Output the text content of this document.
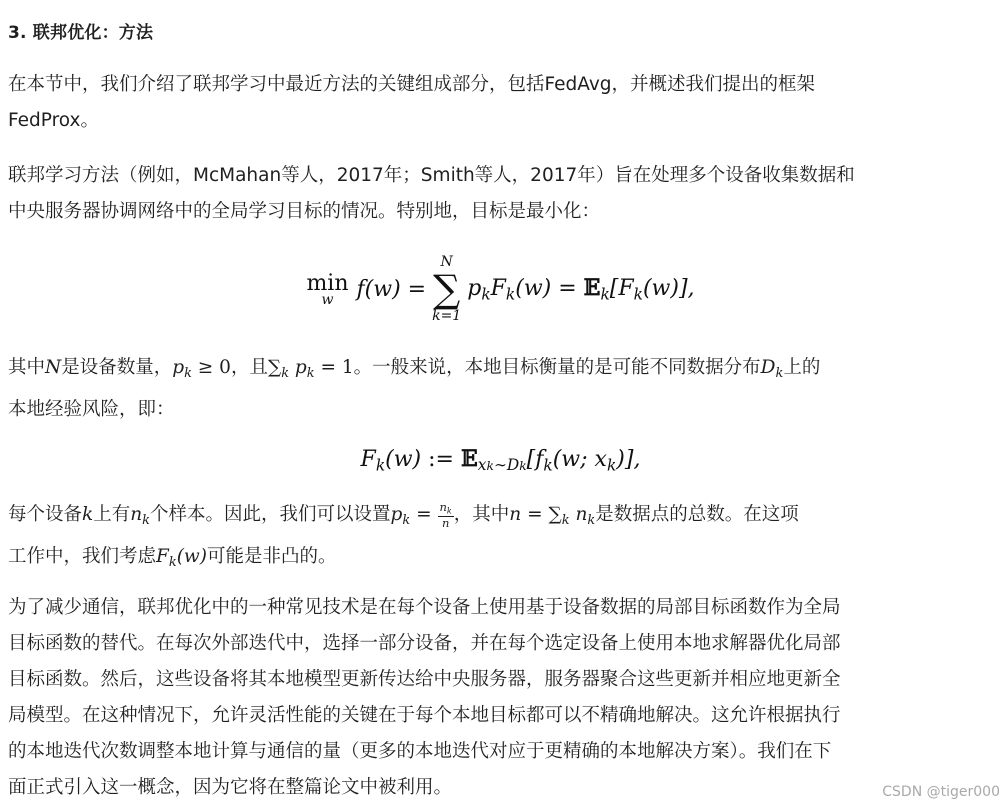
3. 联邦优化：方法
在本节中，我们介绍了联邦学习中最近方法的关键组成部分，包括FedAvg，并概述我们提出的框架
FedProx。
联邦学习方法（例如，McMahan等人，2017年；Smith等人，2017年）旨在处理多个设备收集数据和
中央服务器协调网络中的全局学习目标的情况。特别地，目标是最小化：
min
w f(w) =
N
∑
k=1
$p_kF_k(w)$ = $𝔼_k[F_k(w)]$,
其中N是设备数量，$p_k \ge 0$，且$\sum_k$ $p_k = 1$。一般来说，本地目标衡量的是可能不同数据分布$D_k$上的
本地经验风险，即：
$F_k(w)$ := $𝔼_{xk\sim Dk}[f_k(w$; $x_k$)],
每个设备k上有$n_k$个样本。因此，我们可以设置$p_k = \frac{n_k}{n}$ ，其中$n = \sum_k$ $n_k$是数据点的总数。在这项
工作中，我们考虑$F_k(w)$可能是非凸的。
为了减少通信，联邦优化中的一种常见技术是在每个设备上使用基于设备数据的局部目标函数作为全局
目标函数的替代。在每次外部迭代中，选择一部分设备，并在每个选定设备上使用本地求解器优化局部
目标函数。然后，这些设备将其本地模型更新传达给中央服务器，服务器聚合这些更新并相应地更新全
局模型。在这种情况下，允许灵活性能的关键在于每个本地目标都可以不精确地解决。这允许根据执行
的本地迭代次数调整本地计算与通信的量（更多的本地迭代对应于更精确的本地解决方案）。我们在下
面正式引入这一概念，因为它将在整篇论文中被利用。	CSDN @tiger000
